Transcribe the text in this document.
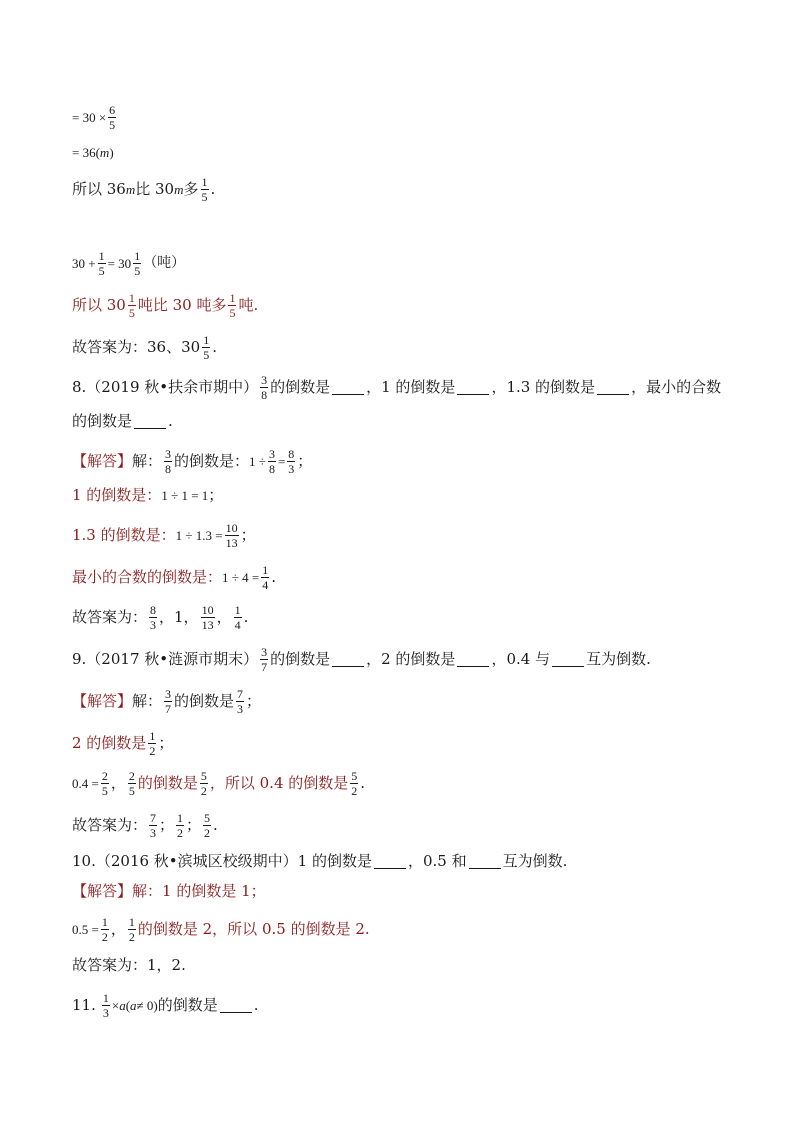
= $30 \times \frac{6}{5}$
= 36( m )
所以 36 m 比 30 m 多 $\frac{1}{5}$ .
$30 + \frac{1}{5} = 30 \frac{1}{5}$ （吨）
所以 $30 \frac{1}{5}$ 吨比 30 吨多 $\frac{1}{5}$ 吨.
故答案为：36、$30 \frac{1}{5}$ .
8.（2019 秋•扶余市期中） $\frac{3}{8}$ 的倒数是 ，1 的倒数是 ，1.3 的倒数是 ，最小的合数
的倒数是 .
【解答】 解： $\frac{3}{8}$ 的倒数是： $1 \div \frac{3}{8} = \frac{8}{3}$ ；
1 的倒数是： 1 ÷ 1 = 1 ；
1.3 的倒数是： $1 \div 1.3 = \frac{10}{13}$ ；
最小的合数的倒数是： $1 \div 4 = \frac{1}{4}$ .
故答案为： $\frac{8}{3}$ ，1， $\frac{10}{13}$ ， $\frac{1}{4}$ .
9.（2017 秋•涟源市期末） $\frac{3}{7}$ 的倒数是 ，2 的倒数是 ，0.4 与 互为倒数.
【解答】 解： $\frac{3}{7}$ 的倒数是 $\frac{7}{3}$ ；
2 的倒数是 $\frac{1}{2}$ ；
$0.4 = \frac{2}{5}$ ， $\frac{2}{5}$ 的倒数是 $\frac{5}{2}$ ，所以 0.4 的倒数是 $\frac{5}{2}$ .
故答案为： $\frac{7}{3}$ ； $\frac{1}{2}$ ； $\frac{5}{2}$ .
10.（2016 秋•滨城区校级期中）1 的倒数是 ，0.5 和 互为倒数.
【解答】 解：1 的倒数是 1；
$0.5 = \frac{1}{2}$ ， $\frac{1}{2}$ 的倒数是 2，所以 0.5 的倒数是 2.
故答案为：1，2.
11. $\frac{1}{3} \times a$ ( a ≠ 0) 的倒数是 .
